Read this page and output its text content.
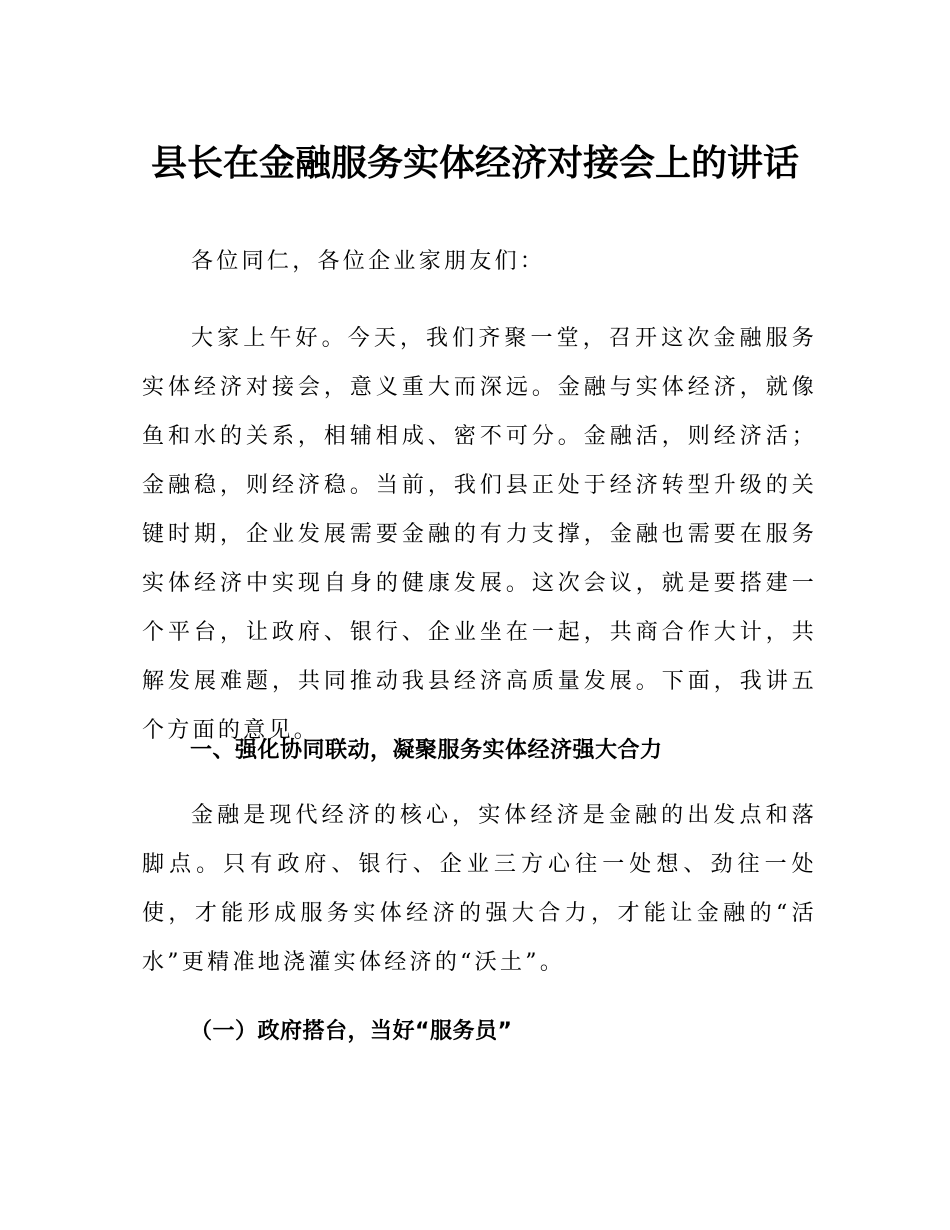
县长在金融服务实体经济对接会上的讲话

各位同仁，各位企业家朋友们：

大家上午好。今天，我们齐聚一堂，召开这次金融服务实体经济对接会，意义重大而深远。金融与实体经济，就像鱼和水的关系，相辅相成、密不可分。金融活，则经济活；金融稳，则经济稳。当前，我们县正处于经济转型升级的关键时期，企业发展需要金融的有力支撑，金融也需要在服务实体经济中实现自身的健康发展。这次会议，就是要搭建一个平台，让政府、银行、企业坐在一起，共商合作大计，共解发展难题，共同推动我县经济高质量发展。下面，我讲五个方面的意见。

一、强化协同联动，凝聚服务实体经济强大合力

金融是现代经济的核心，实体经济是金融的出发点和落脚点。只有政府、银行、企业三方心往一处想、劲往一处使，才能形成服务实体经济的强大合力，才能让金融的“活水”更精准地浇灌实体经济的“沃土”。

（一）政府搭台，当好“服务员”
